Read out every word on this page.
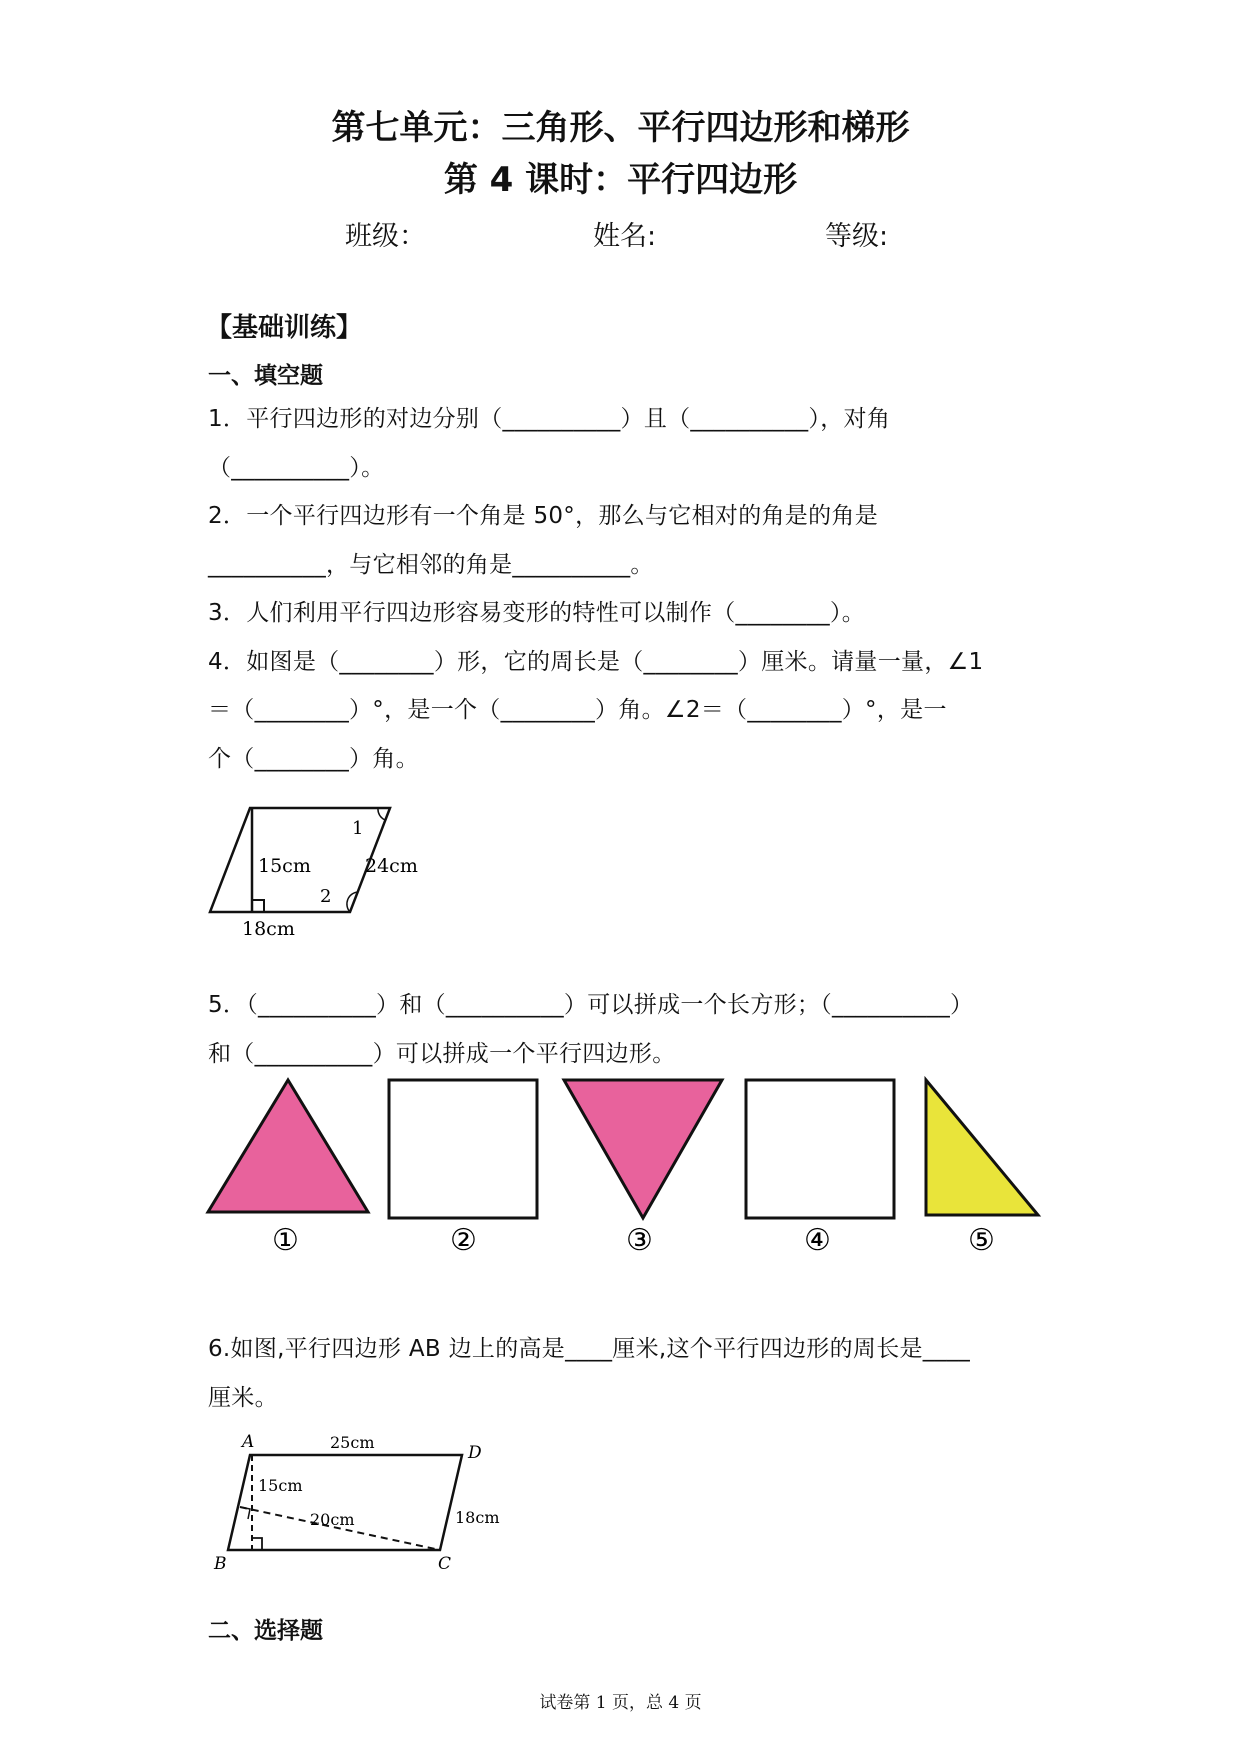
第七单元：三角形、平行四边形和梯形
第 4 课时：平行四边形
班级：	姓名:	等级:
【基础训练】
一、填空题
1．平行四边形的对边分别（__________）且（__________），对角
（__________）。
2．一个平行四边形有一个角是 50°，那么与它相对的角是的角是
__________，与它相邻的角是__________。
3．人们利用平行四边形容易变形的特性可以制作（________）。
4．如图是（________）形，它的周长是（________）厘米。请量一量，∠1
＝（________）°，是一个（________）角。∠2＝（________）°，是一
个（________）角。
1
2
15cm	24cm
18cm
5．（__________）和（__________）可以拼成一个长方形；（__________）
和（__________）可以拼成一个平行四边形。
①	②	③	④	⑤
6.如图,平行四边形 AB 边上的高是____厘米,这个平行四边形的周长是____
厘米。
A
D
B	C
25cm
15cm
20cm	18cm
二、选择题
试卷第 1 页，总 4 页
